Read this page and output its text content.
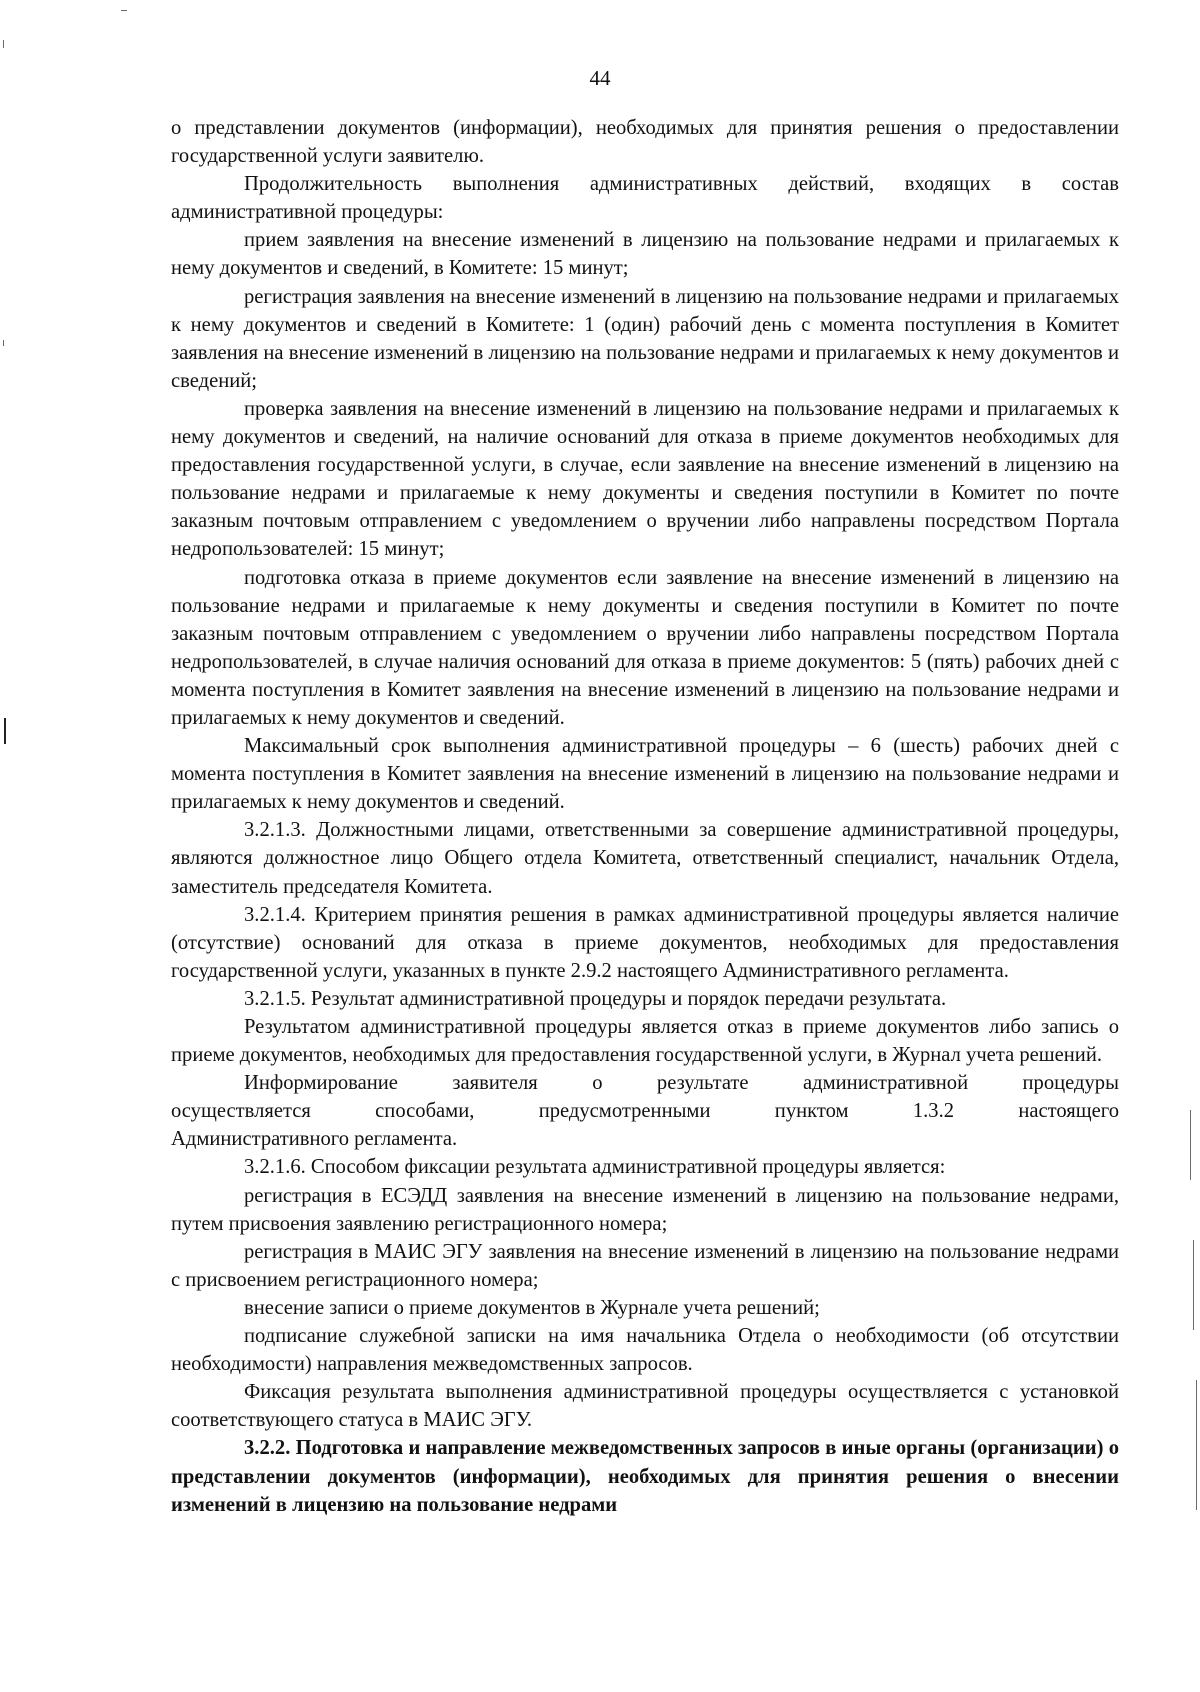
44

о представлении документов (информации), необходимых для принятия решения о предоставлении государственной услуги заявителю.

Продолжительность выполнения административных действий, входящих в состав административной процедуры:

прием заявления на внесение изменений в лицензию на пользование недрами и прилагаемых к нему документов и сведений, в Комитете: 15 минут;

регистрация заявления на внесение изменений в лицензию на пользование недрами и прилагаемых к нему документов и сведений в Комитете: 1 (один) рабочий день с момента поступления в Комитет заявления на внесение изменений в лицензию на пользование недрами и прилагаемых к нему документов и сведений;

проверка заявления на внесение изменений в лицензию на пользование недрами и прилагаемых к нему документов и сведений, на наличие оснований для отказа в приеме документов необходимых для предоставления государственной услуги, в случае, если заявление на внесение изменений в лицензию на пользование недрами и прилагаемые к нему документы и сведения поступили в Комитет по почте заказным почтовым отправлением с уведомлением о вручении либо направлены посредством Портала недропользователей: 15 минут;

подготовка отказа в приеме документов если заявление на внесение изменений в лицензию на пользование недрами и прилагаемые к нему документы и сведения поступили в Комитет по почте заказным почтовым отправлением с уведомлением о вручении либо направлены посредством Портала недропользователей, в случае наличия оснований для отказа в приеме документов: 5 (пять) рабочих дней с момента поступления в Комитет заявления на внесение изменений в лицензию на пользование недрами и прилагаемых к нему документов и сведений.

Максимальный срок выполнения административной процедуры – 6 (шесть) рабочих дней с момента поступления в Комитет заявления на внесение изменений в лицензию на пользование недрами и прилагаемых к нему документов и сведений.

3.2.1.3. Должностными лицами, ответственными за совершение административной процедуры, являются должностное лицо Общего отдела Комитета, ответственный специалист, начальник Отдела, заместитель председателя Комитета.

3.2.1.4. Критерием принятия решения в рамках административной процедуры является наличие (отсутствие) оснований для отказа в приеме документов, необходимых для предоставления государственной услуги, указанных в пункте 2.9.2 настоящего Административного регламента.

3.2.1.5. Результат административной процедуры и порядок передачи результата.

Результатом административной процедуры является отказ в приеме документов либо запись о приеме документов, необходимых для предоставления государственной услуги, в Журнал учета решений.

Информирование	заявителя	о	результате	административной	процедуры
осуществляется	способами,	предусмотренными	пунктом	1.3.2	настоящего

Административного регламента.

3.2.1.6. Способом фиксации результата административной процедуры является:

регистрация в ЕСЭДД заявления на внесение изменений в лицензию на пользование недрами, путем присвоения заявлению регистрационного номера;

регистрация в МАИС ЭГУ заявления на внесение изменений в лицензию на пользование недрами с присвоением регистрационного номера;

внесение записи о приеме документов в Журнале учета решений;

подписание служебной записки на имя начальника Отдела о необходимости (об отсутствии необходимости) направления межведомственных запросов.

Фиксация результата выполнения административной процедуры осуществляется с установкой соответствующего статуса в МАИС ЭГУ.

3.2.2. Подготовка и направление межведомственных запросов в иные органы (организации) о представлении документов (информации), необходимых для принятия решения о внесении изменений в лицензию на пользование недрами
